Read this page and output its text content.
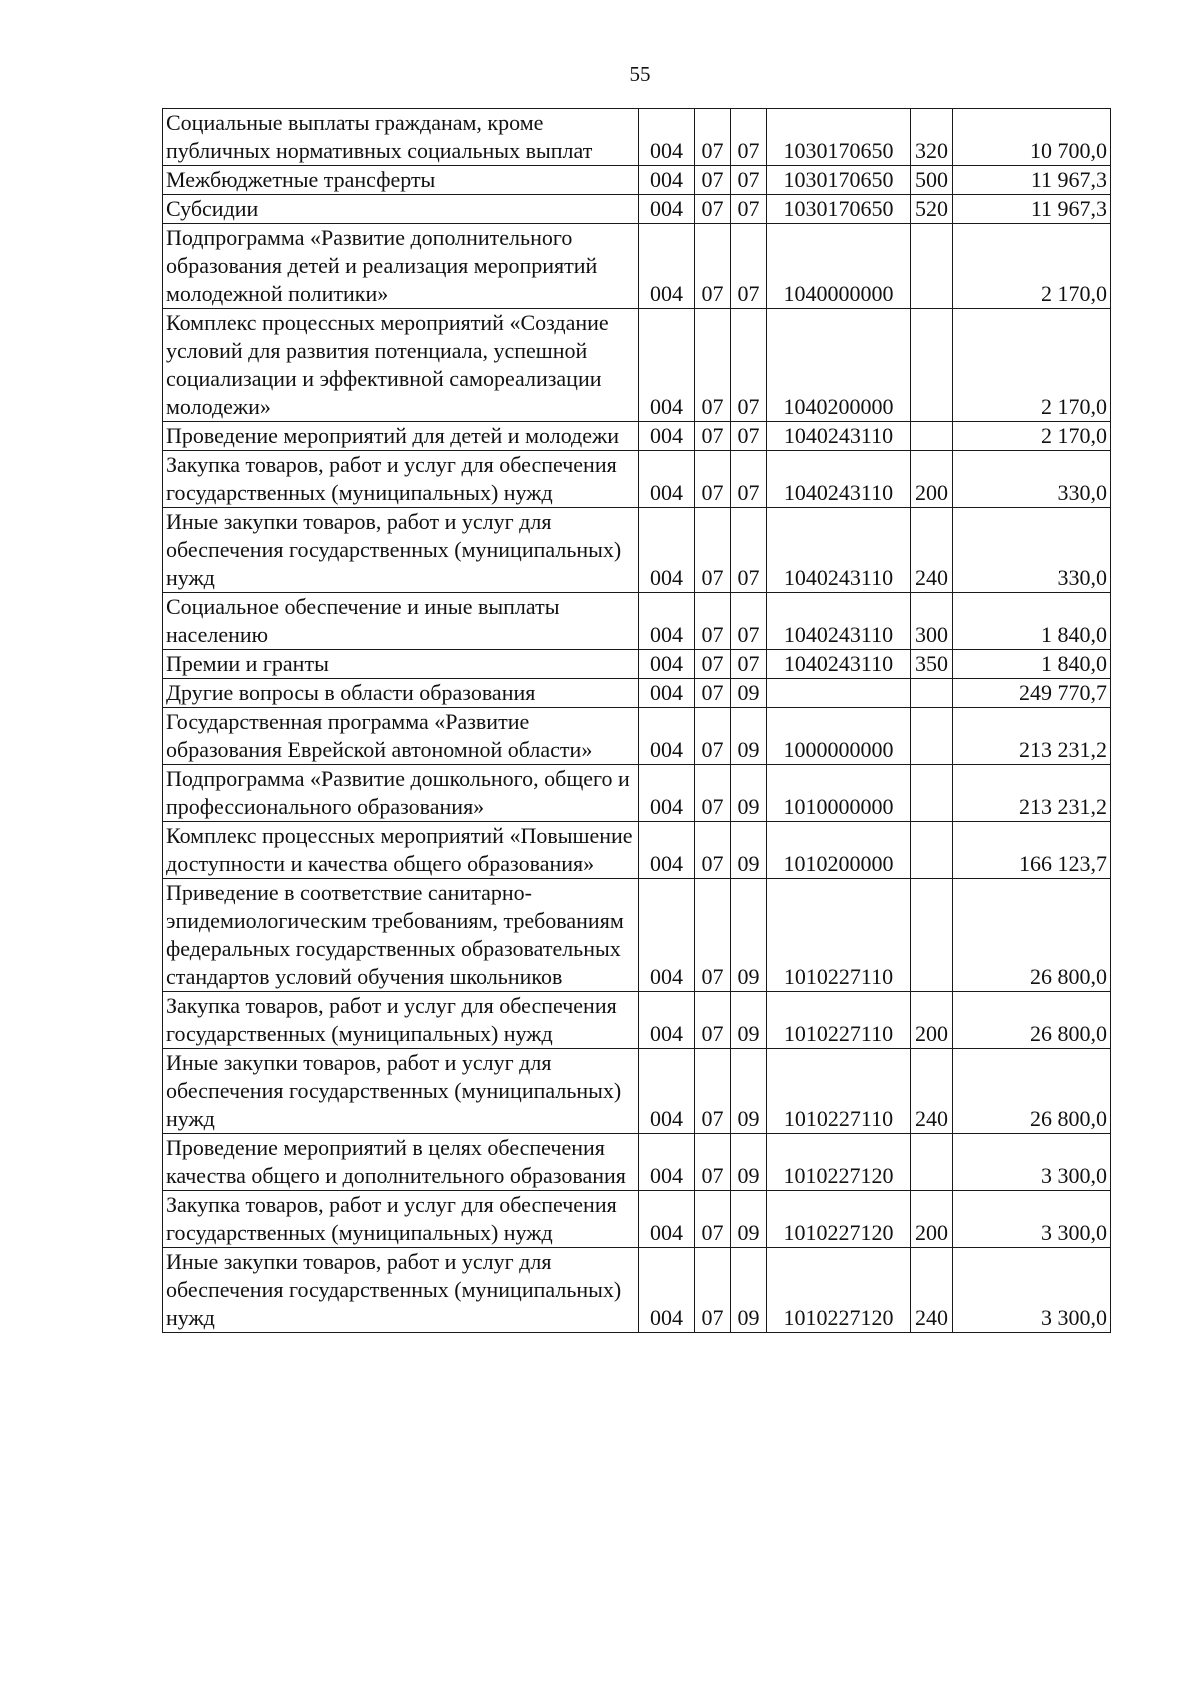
55
Социальные выплаты гражданам, кроме публичных нормативных социальных выплат	004	07	07	1030170650	320	10 700,0
Межбюджетные трансферты	004	07	07	1030170650	500	11 967,3
Субсидии	004	07	07	1030170650	520	11 967,3
Подпрограмма «Развитие дополнительного образования детей и реализация мероприятий молодежной политики»	004	07	07	1040000000		2 170,0
Комплекс процессных мероприятий «Создание условий для развития потенциала, успешной социализации и эффективной самореализации молодежи»	004	07	07	1040200000		2 170,0
Проведение мероприятий для детей и молодежи	004	07	07	1040243110		2 170,0
Закупка товаров, работ и услуг для обеспечения государственных (муниципальных) нужд	004	07	07	1040243110	200	330,0
Иные закупки товаров, работ и услуг для обеспечения государственных (муниципальных) нужд	004	07	07	1040243110	240	330,0
Социальное обеспечение и иные выплаты населению	004	07	07	1040243110	300	1 840,0
Премии и гранты	004	07	07	1040243110	350	1 840,0
Другие вопросы в области образования	004	07	09			249 770,7
Государственная программа «Развитие образования Еврейской автономной области»	004	07	09	1000000000		213 231,2
Подпрограмма «Развитие дошкольного, общего и профессионального образования»	004	07	09	1010000000		213 231,2
Комплекс процессных мероприятий «Повышение доступности и качества общего образования»	004	07	09	1010200000		166 123,7
Приведение в соответствие санитарно-эпидемиологическим требованиям, требованиям федеральных государственных образовательных стандартов условий обучения школьников	004	07	09	1010227110		26 800,0
Закупка товаров, работ и услуг для обеспечения государственных (муниципальных) нужд	004	07	09	1010227110	200	26 800,0
Иные закупки товаров, работ и услуг для обеспечения государственных (муниципальных) нужд	004	07	09	1010227110	240	26 800,0
Проведение мероприятий в целях обеспечения качества общего и дополнительного образования	004	07	09	1010227120		3 300,0
Закупка товаров, работ и услуг для обеспечения государственных (муниципальных) нужд	004	07	09	1010227120	200	3 300,0
Иные закупки товаров, работ и услуг для обеспечения государственных (муниципальных) нужд	004	07	09	1010227120	240	3 300,0
